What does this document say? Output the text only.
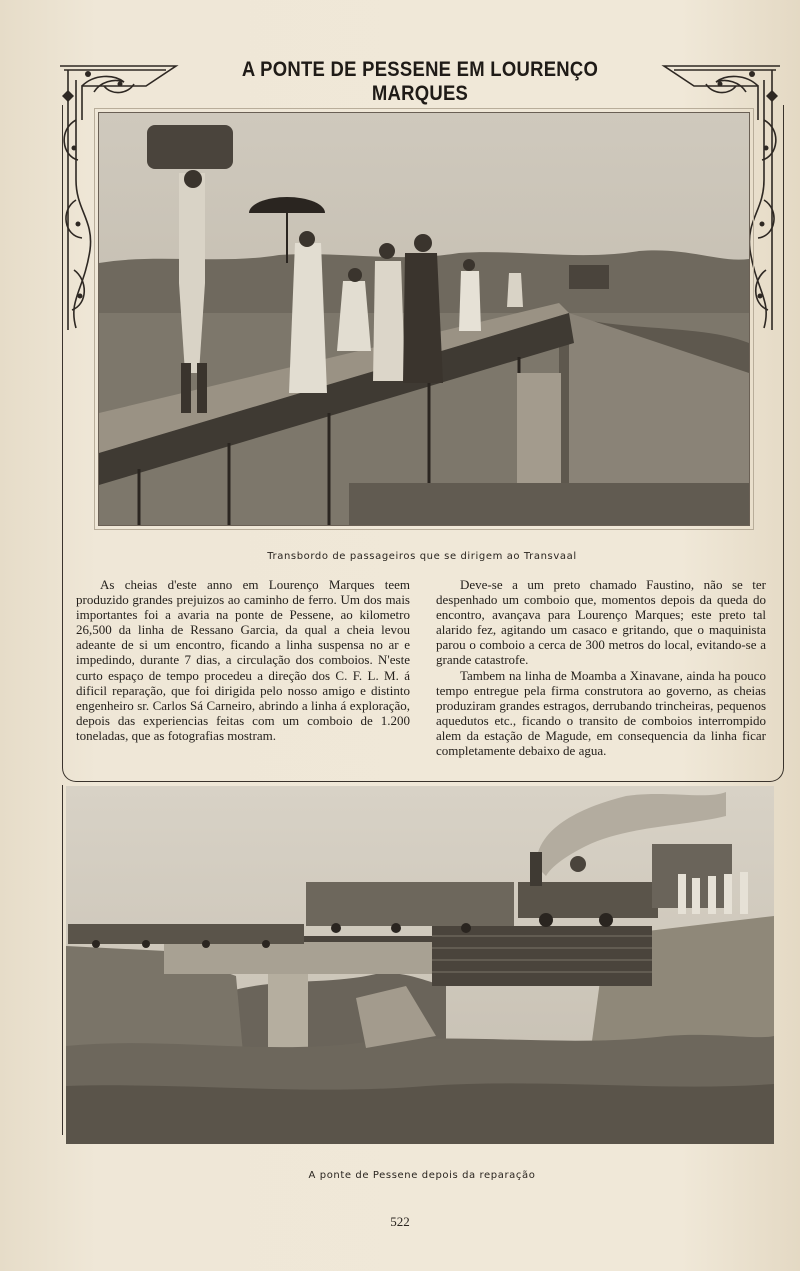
A PONTE DE PESSENE EM LOURENÇO MARQUES
Transbordo de passageiros que se dirigem ao Transvaal

As cheias d'este anno em Lourenço Marques teem produzido grandes prejuizos ao caminho de ferro. Um dos mais importantes foi a avaria na ponte de Pessene, ao kilometro 26,500 da linha de Ressano Garcia, da qual a cheia levou adeante de si um encontro, ficando a linha suspensa no ar e impedindo, durante 7 dias, a circulação dos comboios. N'este curto espaço de tempo procedeu a direção dos C. F. L. M. á dificil reparação, que foi dirigida pelo nosso amigo e distinto engenheiro sr. Carlos Sá Carneiro, abrindo a linha á exploração, depois das experiencias feitas com um comboio de 1.200 toneladas, que as fotografias mostram.

Deve-se a um preto chamado Faustino, não se ter despenhado um comboio que, momentos depois da queda do encontro, avançava para Lourenço Marques; este preto tal alarido fez, agitando um casaco e gritando, que o maquinista parou o comboio a cerca de 300 metros do local, evitando-se a grande catastrofe.

Tambem na linha de Moamba a Xinavane, ainda ha pouco tempo entregue pela firma construtora ao governo, as cheias produziram grandes estragos, derrubando trincheiras, pequenos aquedutos etc., ficando o transito de comboios interrompido alem da estação de Magude, em consequencia da linha ficar completamente debaixo de agua.

A ponte de Pessene depois da reparação
522
